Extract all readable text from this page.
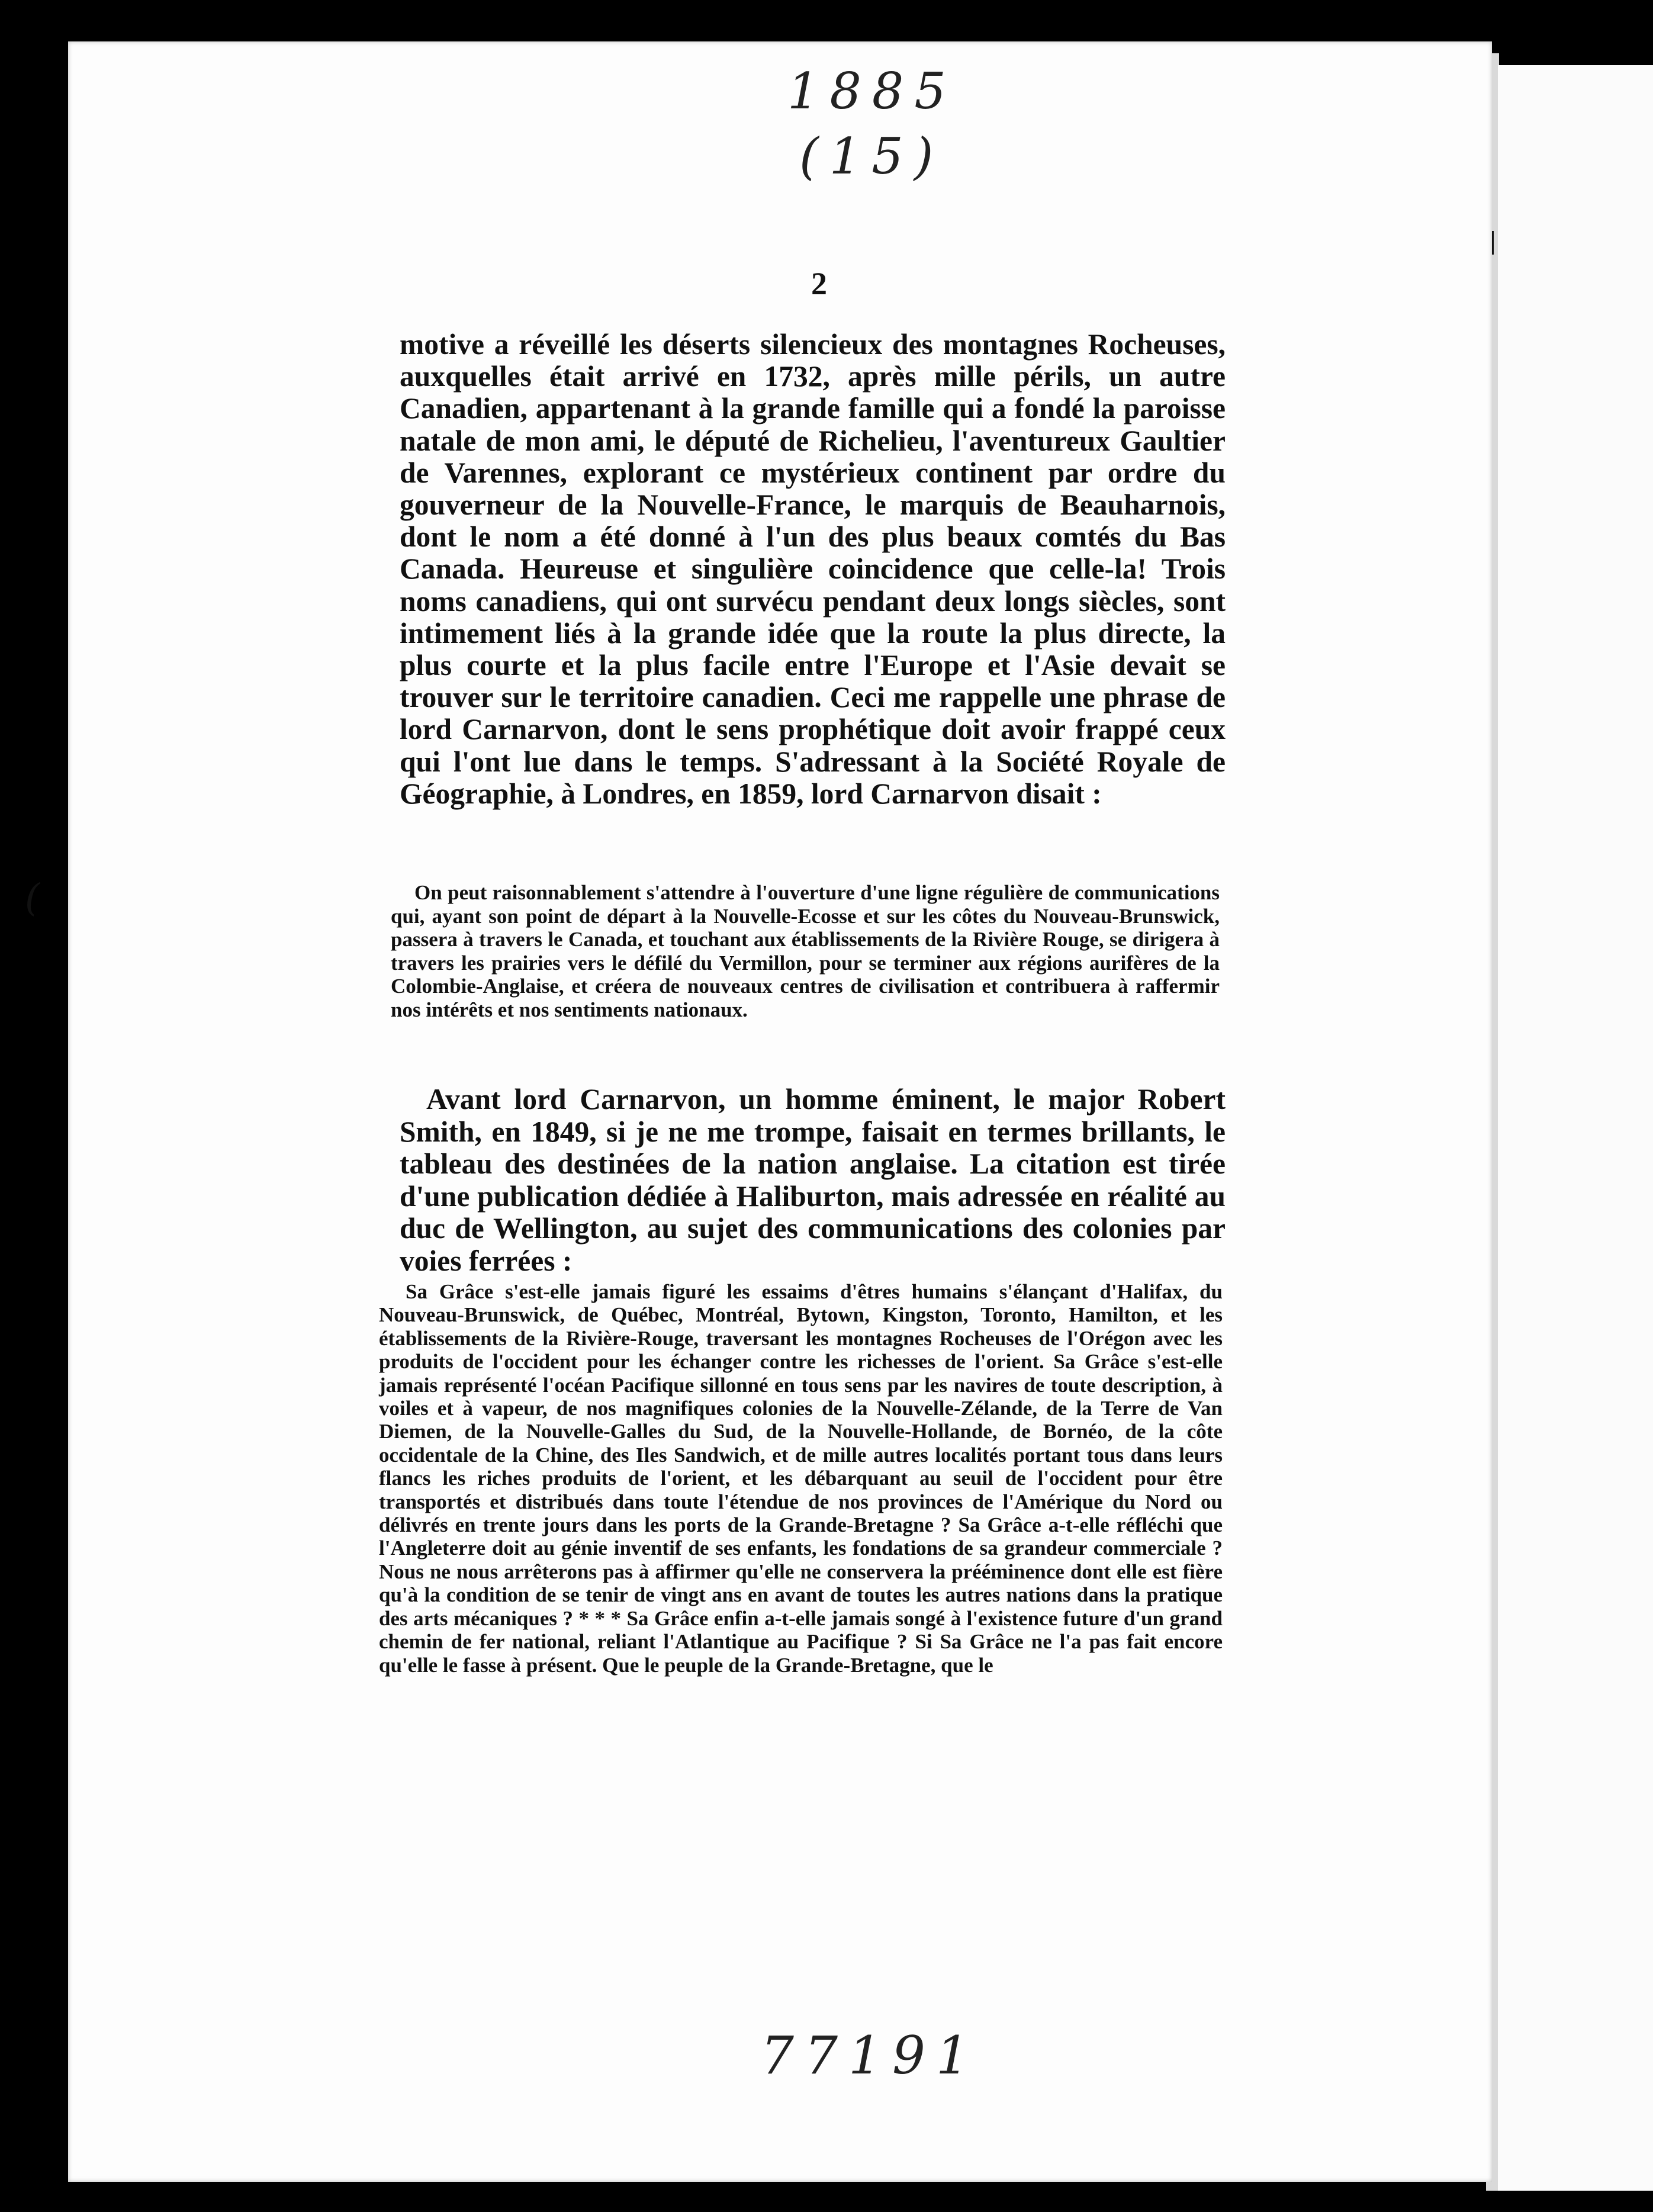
1885
(15)
(
2
motive a réveillé les déserts silencieux des montagnes Rocheuses, auxquelles était arrivé en 1732, après mille périls, un autre Canadien, appartenant à la grande famille qui a fondé la paroisse natale de mon ami, le député de Richelieu, l'aventureux Gaultier de Varennes, explorant ce mystérieux continent par ordre du gouverneur de la Nouvelle-France, le marquis de Beauharnois, dont le nom a été donné à l'un des plus beaux comtés du Bas Canada. Heureuse et singulière coincidence que celle-la! Trois noms canadiens, qui ont survécu pendant deux longs siècles, sont intimement liés à la grande idée que la route la plus directe, la plus courte et la plus facile entre l'Europe et l'Asie devait se trouver sur le territoire canadien. Ceci me rappelle une phrase de lord Carnarvon, dont le sens prophétique doit avoir frappé ceux qui l'ont lue dans le temps. S'adressant à la Société Royale de Géographie, à Londres, en 1859, lord Carnarvon disait :
On peut raisonnablement s'attendre à l'ouverture d'une ligne régulière de communications qui, ayant son point de départ à la Nouvelle-Ecosse et sur les côtes du Nouveau-Brunswick, passera à travers le Canada, et touchant aux établissements de la Rivière Rouge, se dirigera à travers les prairies vers le défilé du Vermillon, pour se terminer aux régions aurifères de la Colombie-Anglaise, et créera de nouveaux centres de civilisation et contribuera à raffermir nos intérêts et nos sentiments nationaux.
Avant lord Carnarvon, un homme éminent, le major Robert Smith, en 1849, si je ne me trompe, faisait en termes brillants, le tableau des destinées de la nation anglaise. La citation est tirée d'une publication dédiée à Haliburton, mais adressée en réalité au duc de Wellington, au sujet des communications des colonies par voies ferrées :
Sa Grâce s'est-elle jamais figuré les essaims d'êtres humains s'élançant d'Halifax, du Nouveau-Brunswick, de Québec, Montréal, Bytown, Kingston, Toronto, Hamilton, et les établissements de la Rivière-Rouge, traversant les montagnes Rocheuses de l'Orégon avec les produits de l'occident pour les échanger contre les richesses de l'orient. Sa Grâce s'est-elle jamais représenté l'océan Pacifique sillonné en tous sens par les navires de toute description, à voiles et à vapeur, de nos magnifiques colonies de la Nouvelle-Zélande, de la Terre de Van Diemen, de la Nouvelle-Galles du Sud, de la Nouvelle-Hollande, de Bornéo, de la côte occidentale de la Chine, des Iles Sandwich, et de mille autres localités portant tous dans leurs flancs les riches produits de l'orient, et les débarquant au seuil de l'occident pour être transportés et distribués dans toute l'étendue de nos provinces de l'Amérique du Nord ou délivrés en trente jours dans les ports de la Grande-Bretagne ? Sa Grâce a-t-elle réfléchi que l'Angleterre doit au génie inventif de ses enfants, les fondations de sa grandeur commerciale ? Nous ne nous arrêterons pas à affirmer qu'elle ne conservera la prééminence dont elle est fière qu'à la condition de se tenir de vingt ans en avant de toutes les autres nations dans la pratique des arts mécaniques ? * * * Sa Grâce enfin a-t-elle jamais songé à l'existence future d'un grand chemin de fer national, reliant l'Atlantique au Pacifique ? Si Sa Grâce ne l'a pas fait encore qu'elle le fasse à présent. Que le peuple de la Grande-Bretagne, que le
77191
